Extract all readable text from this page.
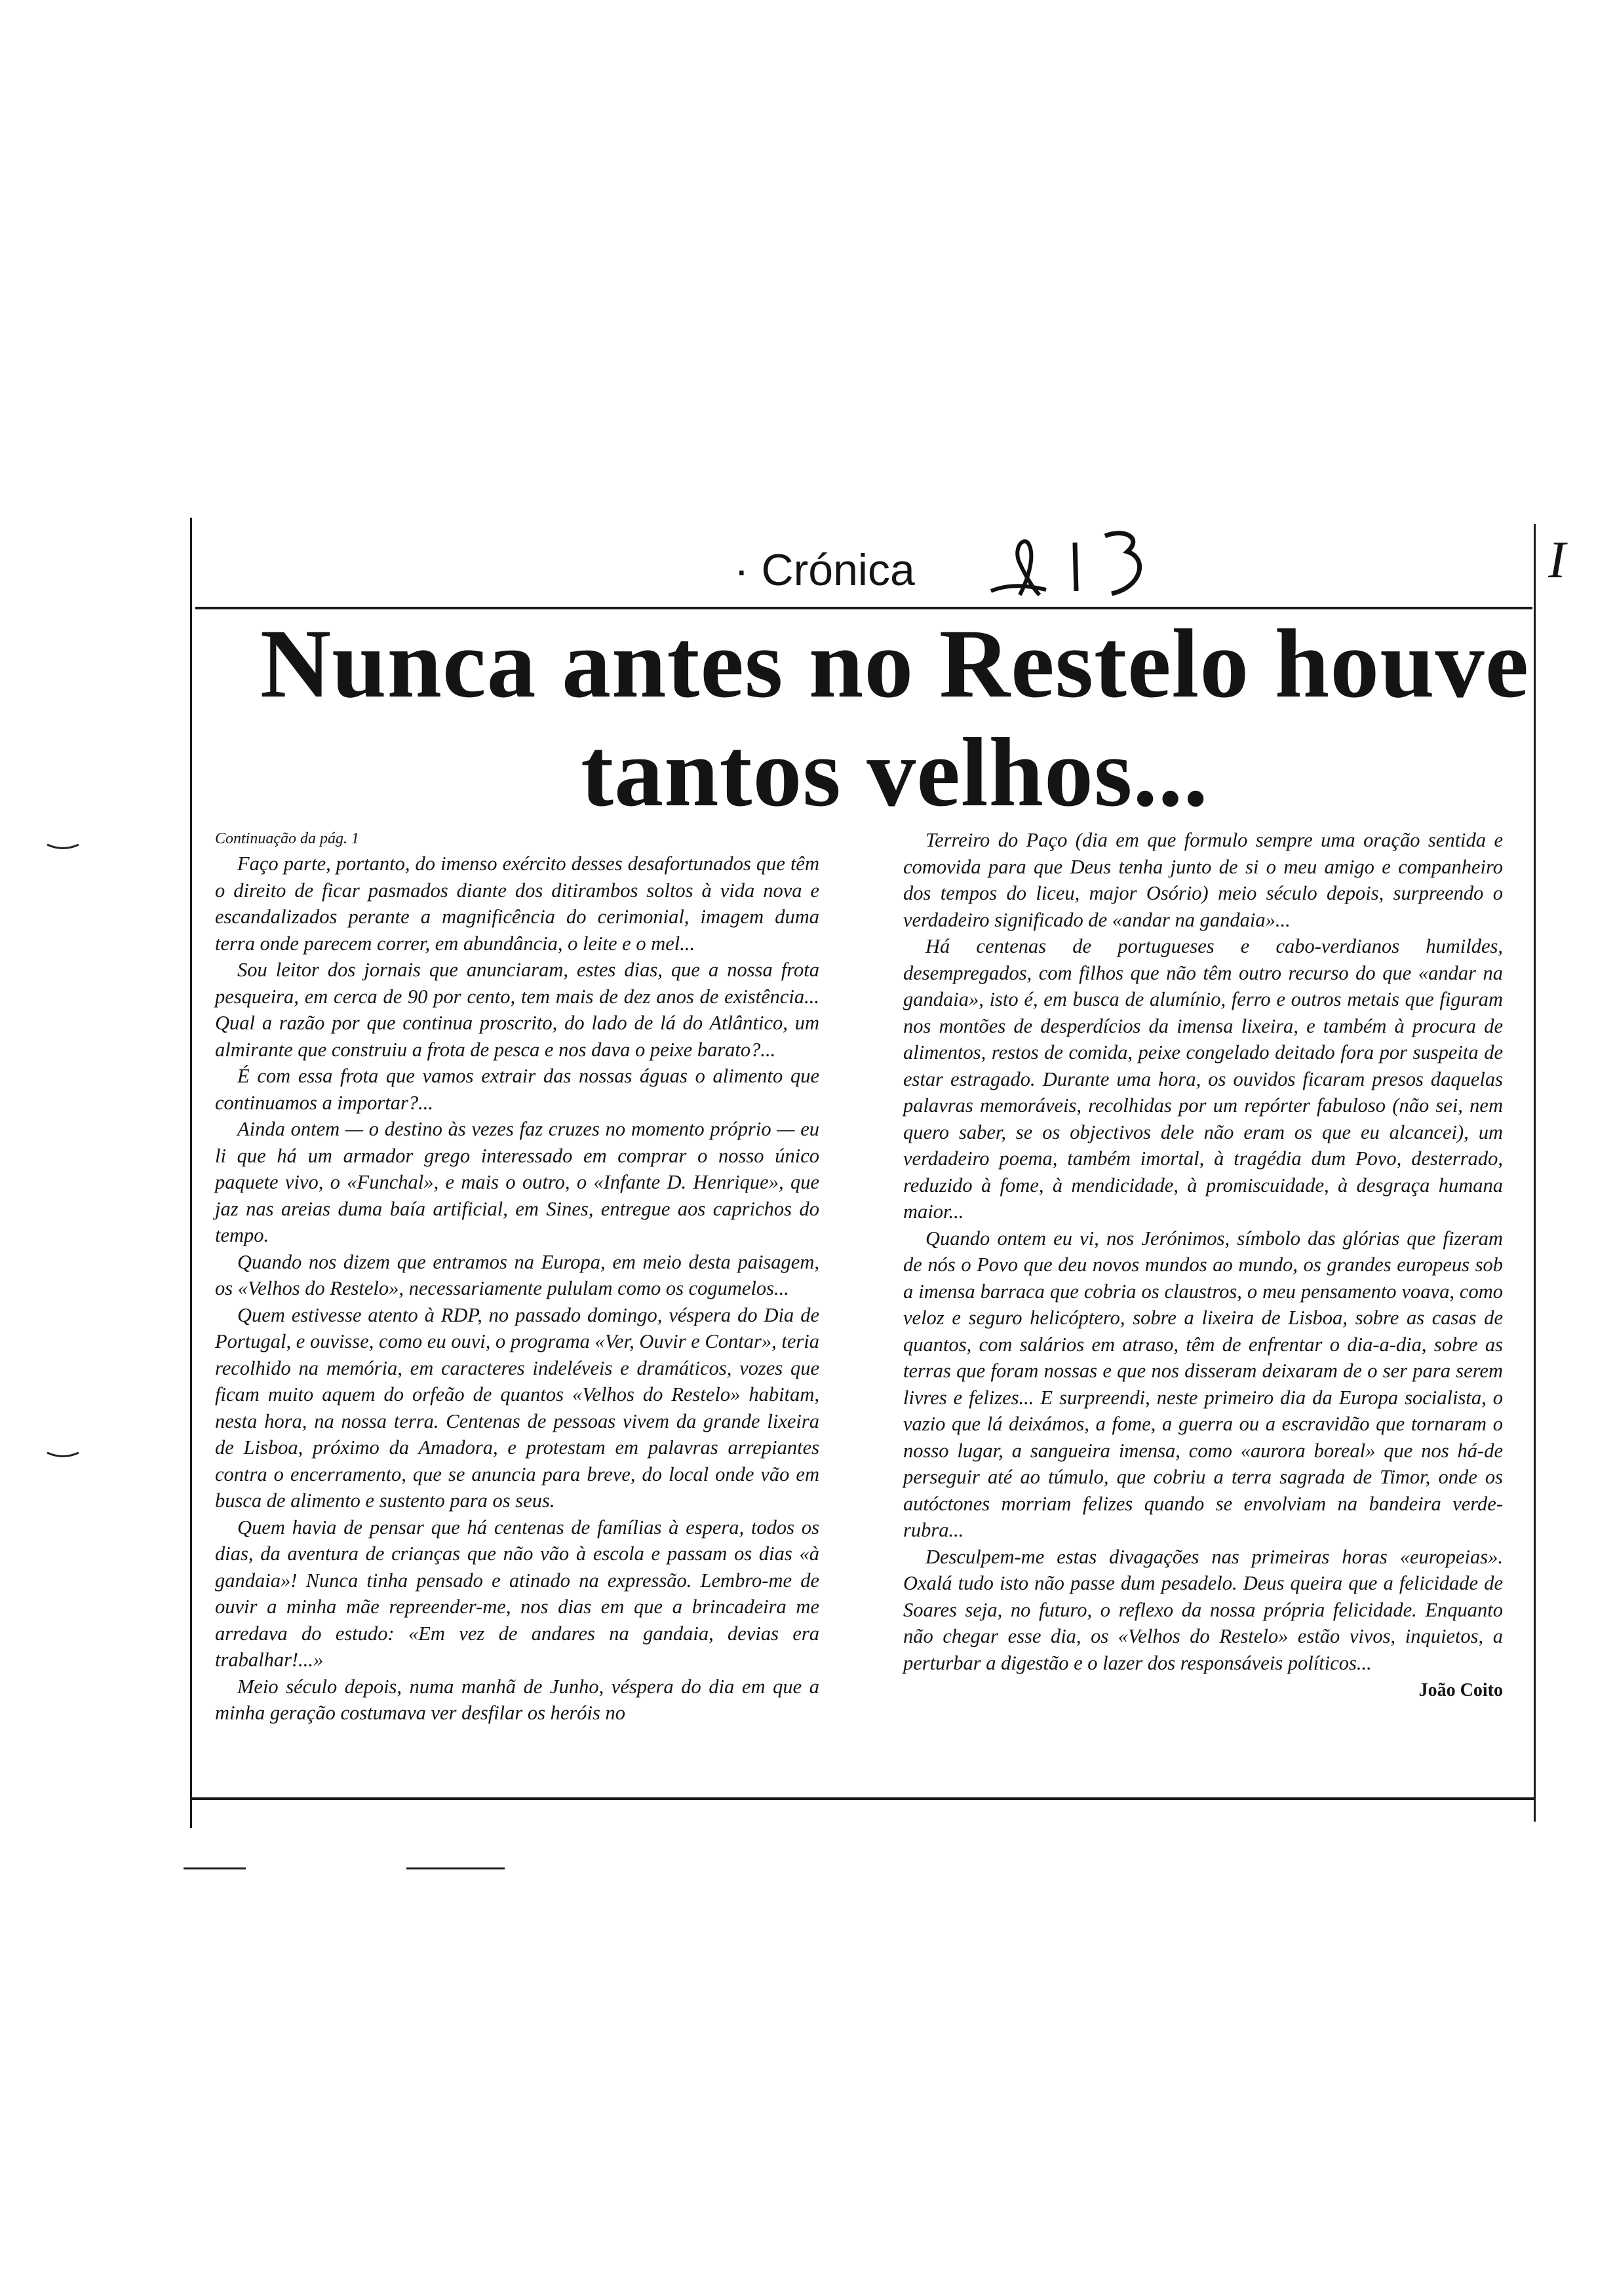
· Crónica	I
Nunca antes no Restelo houve tantos velhos...

Continuação da pág. 1

Faço parte, portanto, do imenso exército desses desafortunados que têm o direito de ficar pasmados diante dos ditirambos soltos à vida nova e escandalizados perante a magnificência do cerimonial, imagem duma terra onde parecem correr, em abundância, o leite e o mel...

Sou leitor dos jornais que anunciaram, estes dias, que a nossa frota pesqueira, em cerca de 90 por cento, tem mais de dez anos de existência... Qual a razão por que continua proscrito, do lado de lá do Atlântico, um almirante que construiu a frota de pesca e nos dava o peixe barato?...

É com essa frota que vamos extrair das nossas águas o alimento que continuamos a importar?...

Ainda ontem — o destino às vezes faz cruzes no momento próprio — eu li que há um armador grego interessado em comprar o nosso único paquete vivo, o «Funchal», e mais o outro, o «Infante D. Henrique», que jaz nas areias duma baía artificial, em Sines, entregue aos caprichos do tempo.

Quando nos dizem que entramos na Europa, em meio desta paisagem, os «Velhos do Restelo», necessariamente pululam como os cogumelos...

Quem estivesse atento à RDP, no passado domingo, véspera do Dia de Portugal, e ouvisse, como eu ouvi, o programa «Ver, Ouvir e Contar», teria recolhido na memória, em caracteres indeléveis e dramáticos, vozes que ficam muito aquem do orfeão de quantos «Velhos do Restelo» habitam, nesta hora, na nossa terra. Centenas de pessoas vivem da grande lixeira de Lisboa, próximo da Amadora, e protestam em palavras arrepiantes contra o encerramento, que se anuncia para breve, do local onde vão em busca de alimento e sustento para os seus.

Quem havia de pensar que há centenas de famílias à espera, todos os dias, da aventura de crianças que não vão à escola e passam os dias «à gandaia»! Nunca tinha pensado e atinado na expressão. Lembro-me de ouvir a minha mãe repreender-me, nos dias em que a brincadeira me arredava do estudo: «Em vez de andares na gandaia, devias era trabalhar!...»

Meio século depois, numa manhã de Junho, véspera do dia em que a minha geração costumava ver desfilar os heróis no

Terreiro do Paço (dia em que formulo sempre uma oração sentida e comovida para que Deus tenha junto de si o meu amigo e companheiro dos tempos do liceu, major Osório) meio século depois, surpreendo o verdadeiro significado de «andar na gandaia»...

Há centenas de portugueses e cabo-verdianos humildes, desempregados, com filhos que não têm outro recurso do que «andar na gandaia», isto é, em busca de alumínio, ferro e outros metais que figuram nos montões de desperdícios da imensa lixeira, e também à procura de alimentos, restos de comida, peixe congelado deitado fora por suspeita de estar estragado. Durante uma hora, os ouvidos ficaram presos daquelas palavras memoráveis, recolhidas por um repórter fabuloso (não sei, nem quero saber, se os objectivos dele não eram os que eu alcancei), um verdadeiro poema, também imortal, à tragédia dum Povo, desterrado, reduzido à fome, à mendicidade, à promiscuidade, à desgraça humana maior...

Quando ontem eu vi, nos Jerónimos, símbolo das glórias que fizeram de nós o Povo que deu novos mundos ao mundo, os grandes europeus sob a imensa barraca que cobria os claustros, o meu pensamento voava, como veloz e seguro helicóptero, sobre a lixeira de Lisboa, sobre as casas de quantos, com salários em atraso, têm de enfrentar o dia-a-dia, sobre as terras que foram nossas e que nos disseram deixaram de o ser para serem livres e felizes... E surpreendi, neste primeiro dia da Europa socialista, o vazio que lá deixámos, a fome, a guerra ou a escravidão que tornaram o nosso lugar, a sangueira imensa, como «aurora boreal» que nos há-de perseguir até ao túmulo, que cobriu a terra sagrada de Timor, onde os autóctones morriam felizes quando se envolviam na bandeira verde-rubra...

Desculpem-me estas divagações nas primeiras horas «europeias». Oxalá tudo isto não passe dum pesadelo. Deus queira que a felicidade de Soares seja, no futuro, o reflexo da nossa própria felicidade. Enquanto não chegar esse dia, os «Velhos do Restelo» estão vivos, inquietos, a perturbar a digestão e o lazer dos responsáveis políticos...

João Coito
